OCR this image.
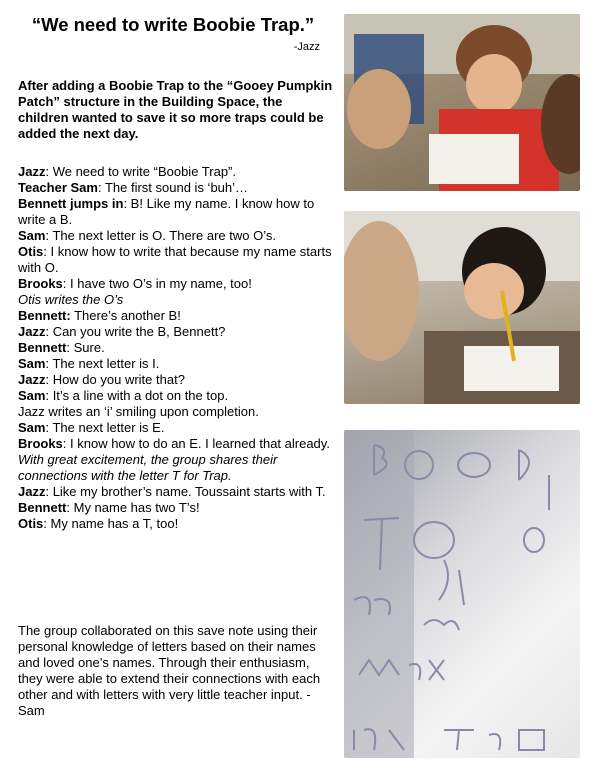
“We need to write Boobie Trap.”
-Jazz

After adding a Boobie Trap to the “Gooey Pumpkin Patch” structure in the Building Space, the children wanted to save it so more traps could be added the next day.

Jazz: We need to write “Boobie Trap”.

Teacher Sam: The first sound is ‘buh’…

Bennett jumps in: B! Like my name. I know how to write a B.

Sam: The next letter is O. There are two O’s.

Otis: I know how to write that because my name starts with O.

Brooks: I have two O’s in my name, too!

Otis writes the O’s

Bennett: There’s another B!

Jazz: Can you write the B, Bennett?

Bennett: Sure.

Sam: The next letter is I.

Jazz: How do you write that?

Sam: It’s a line with a dot on the top.

Jazz writes an ‘i’ smiling upon completion.

Sam: The next letter is E.

Brooks: I know how to do an E. I learned that already.

With great excitement, the group shares their connections with the letter T for Trap.

Jazz: Like my brother’s name. Toussaint starts with T.

Bennett: My name has two T’s!

Otis: My name has a T, too!

The group collaborated on this save note using their personal knowledge of letters based on their names and loved one’s names. Through their enthusiasm, they were able to extend their connections with each other and with letters with very little teacher input. -Sam
